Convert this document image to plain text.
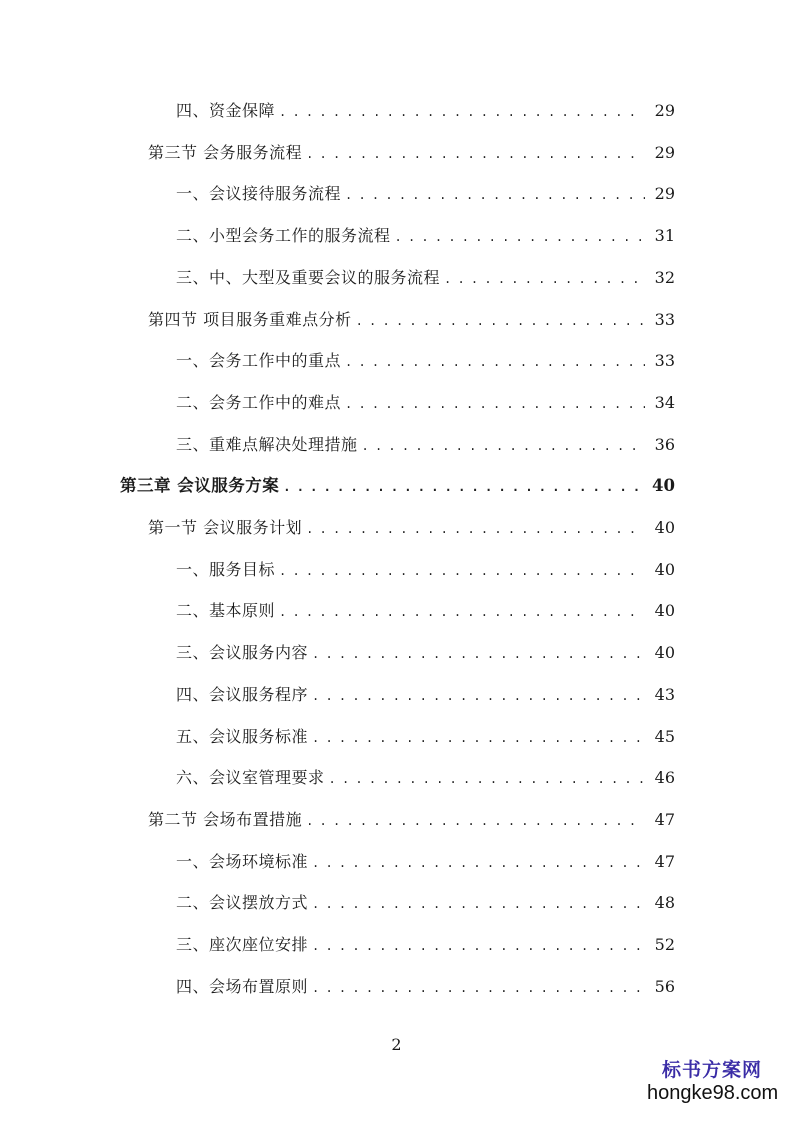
四、资金保障 . . .	29
第三节 会务服务流程 . . .	29
一、会议接待服务流程 . . .	29
二、小型会务工作的服务流程 . . .	31
三、中、大型及重要会议的服务流程 . . .	32
第四节 项目服务重难点分析 . . .	33
一、会务工作中的重点 . . .	33
二、会务工作中的难点 . . .	34
三、重难点解决处理措施 . . .	36
第三章 会议服务方案 . . .	40
第一节 会议服务计划 . . .	40
一、服务目标 . . .	40
二、基本原则 . . .	40
三、会议服务内容 . . .	40
四、会议服务程序 . . .	43
五、会议服务标准 . . .	45
六、会议室管理要求 . . .	46
第二节 会场布置措施 . . .	47
一、会场环境标准 . . .	47
二、会议摆放方式 . . .	48
三、座次座位安排 . . .	52
四、会场布置原则 . . .	56
2
标书方案网
hongke98.com
